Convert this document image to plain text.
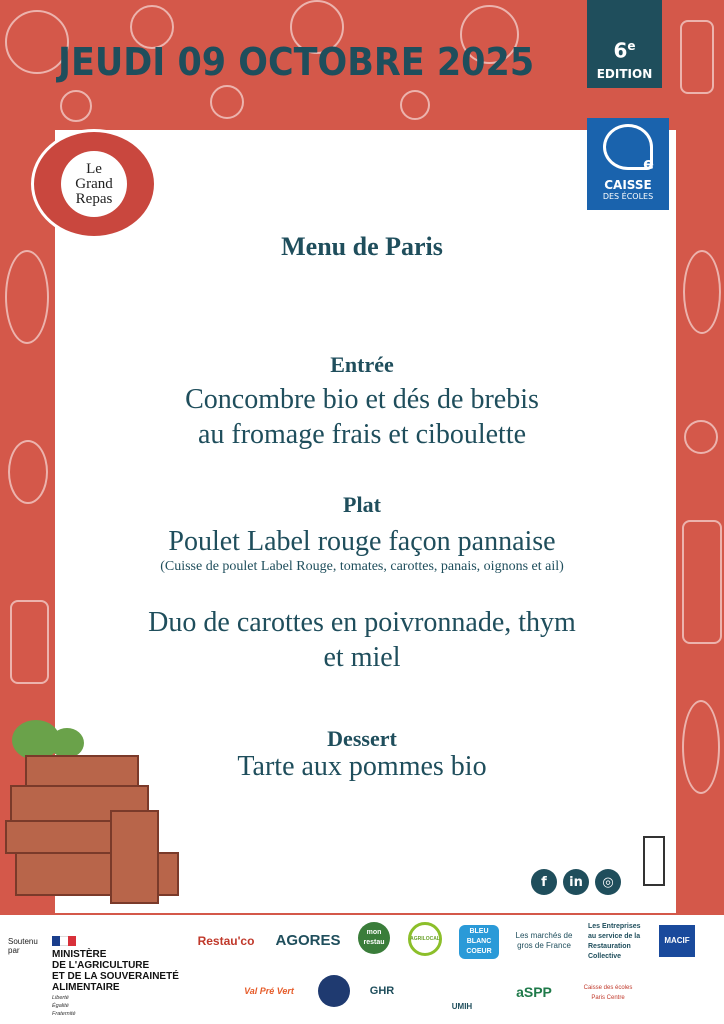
JEUDI 09 OCTOBRE 2025	6e
EDITION
Le
Grand
Repas
e
CAISSE
DES ÉCOLES
Menu de Paris
Entrée
Concombre bio et dés de brebis
au fromage frais et ciboulette
Plat
Poulet Label rouge façon pannaise
(Cuisse de poulet Label Rouge, tomates, carottes, panais, oignons et ail)
Duo de carottes en poivronnade, thym
et miel
Dessert
Tarte aux pommes bio
f	in	◎
Soutenu
par	MINISTÈRE
DE L'AGRICULTURE
ET DE LA SOUVERAINETÉ
ALIMENTAIRE
Liberté
Égalité
Fraternité
Restau'co	AGORES	mon restau	AGRILOCAL
BLEU BLANC COEUR
Les marchés de gros de France
Les Entreprises au service de la Restauration Collective
MACIF
Val Pré Vert	GHR
UMIH
aSPP	Caisse des écoles Paris Centre
